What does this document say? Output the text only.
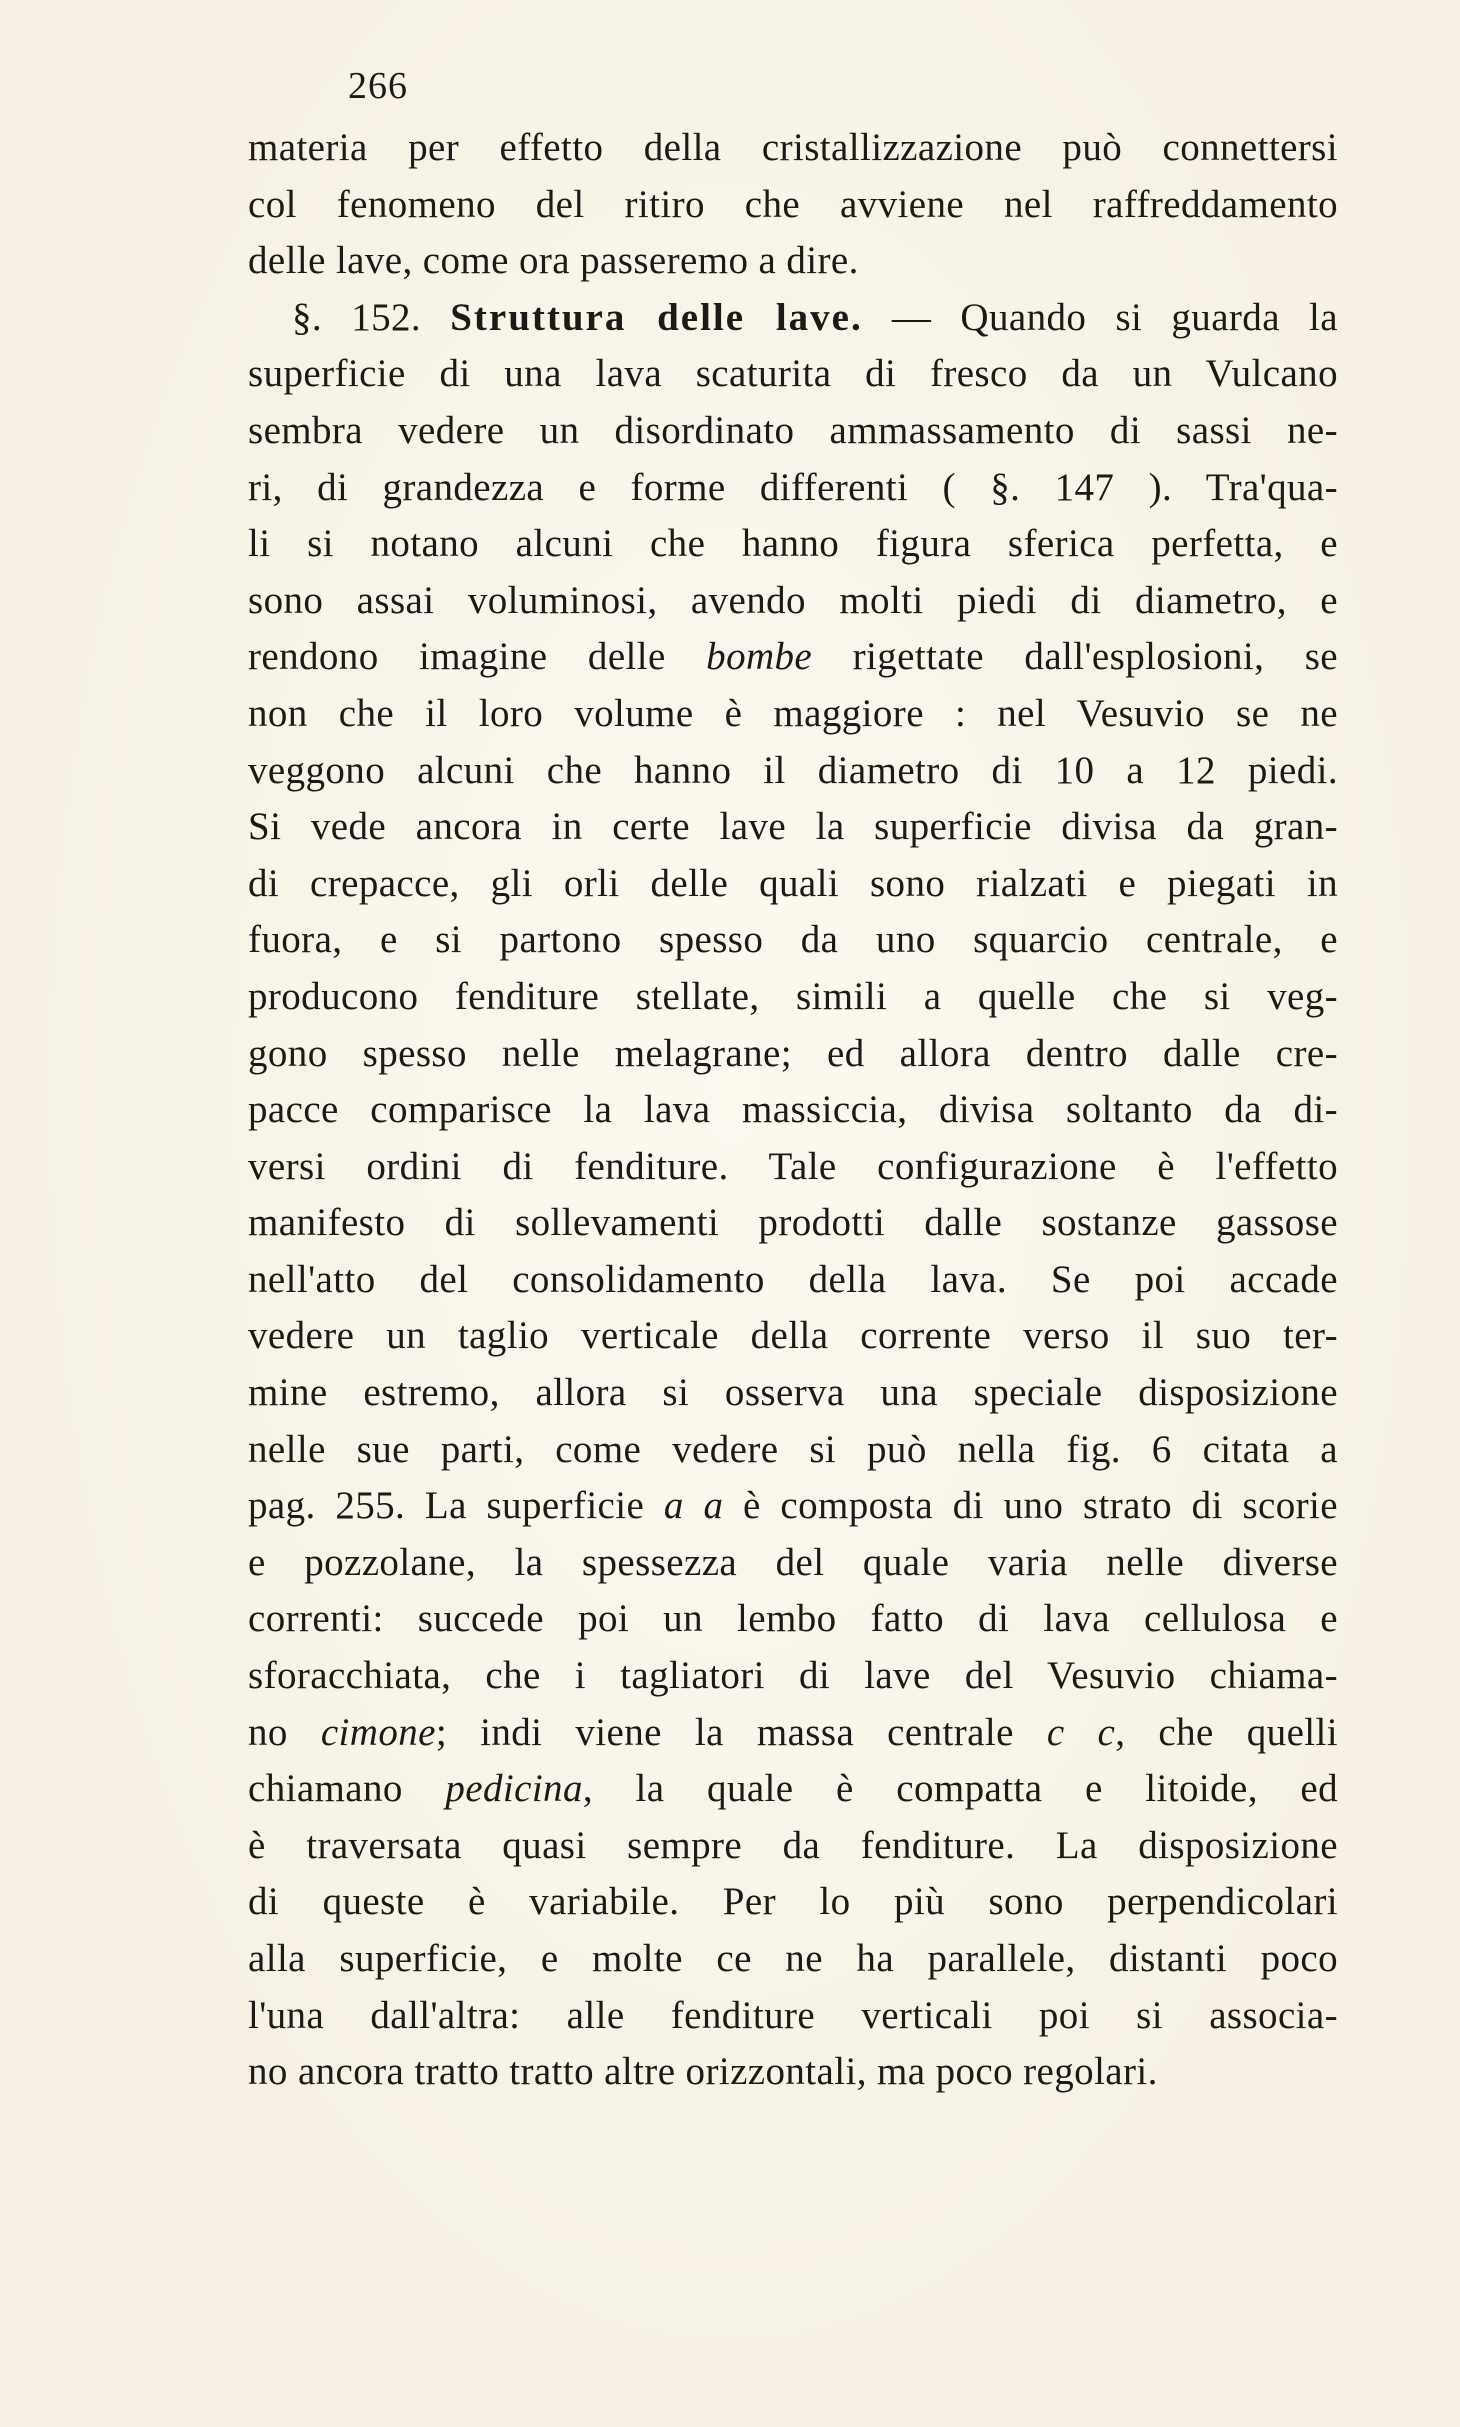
266
materia per effetto della cristallizzazione può connettersi
col fenomeno del ritiro che avviene nel raffreddamento
delle lave, come ora passeremo a dire.
§. 152. Struttura delle lave. — Quando si guarda la
superficie di una lava scaturita di fresco da un Vulcano
sembra vedere un disordinato ammassamento di sassi ne-
ri, di grandezza e forme differenti ( §. 147 ). Tra'qua-
li si notano alcuni che hanno figura sferica perfetta, e
sono assai voluminosi, avendo molti piedi di diametro, e
rendono imagine delle bombe rigettate dall'esplosioni, se
non che il loro volume è maggiore : nel Vesuvio se ne
veggono alcuni che hanno il diametro di 10 a 12 piedi.
Si vede ancora in certe lave la superficie divisa da gran-
di crepacce, gli orli delle quali sono rialzati e piegati in
fuora, e si partono spesso da uno squarcio centrale, e
producono fenditure stellate, simili a quelle che si veg-
gono spesso nelle melagrane; ed allora dentro dalle cre-
pacce comparisce la lava massiccia, divisa soltanto da di-
versi ordini di fenditure. Tale configurazione è l'effetto
manifesto di sollevamenti prodotti dalle sostanze gassose
nell'atto del consolidamento della lava. Se poi accade
vedere un taglio verticale della corrente verso il suo ter-
mine estremo, allora si osserva una speciale disposizione
nelle sue parti, come vedere si può nella fig. 6 citata a
pag. 255. La superficie a a è composta di uno strato di scorie
e pozzolane, la spessezza del quale varia nelle diverse
correnti: succede poi un lembo fatto di lava cellulosa e
sforacchiata, che i tagliatori di lave del Vesuvio chiama-
no cimone; indi viene la massa centrale c c, che quelli
chiamano pedicina, la quale è compatta e litoide, ed
è traversata quasi sempre da fenditure. La disposizione
di queste è variabile. Per lo più sono perpendicolari
alla superficie, e molte ce ne ha parallele, distanti poco
l'una dall'altra: alle fenditure verticali poi si associa-
no ancora tratto tratto altre orizzontali, ma poco regolari.
